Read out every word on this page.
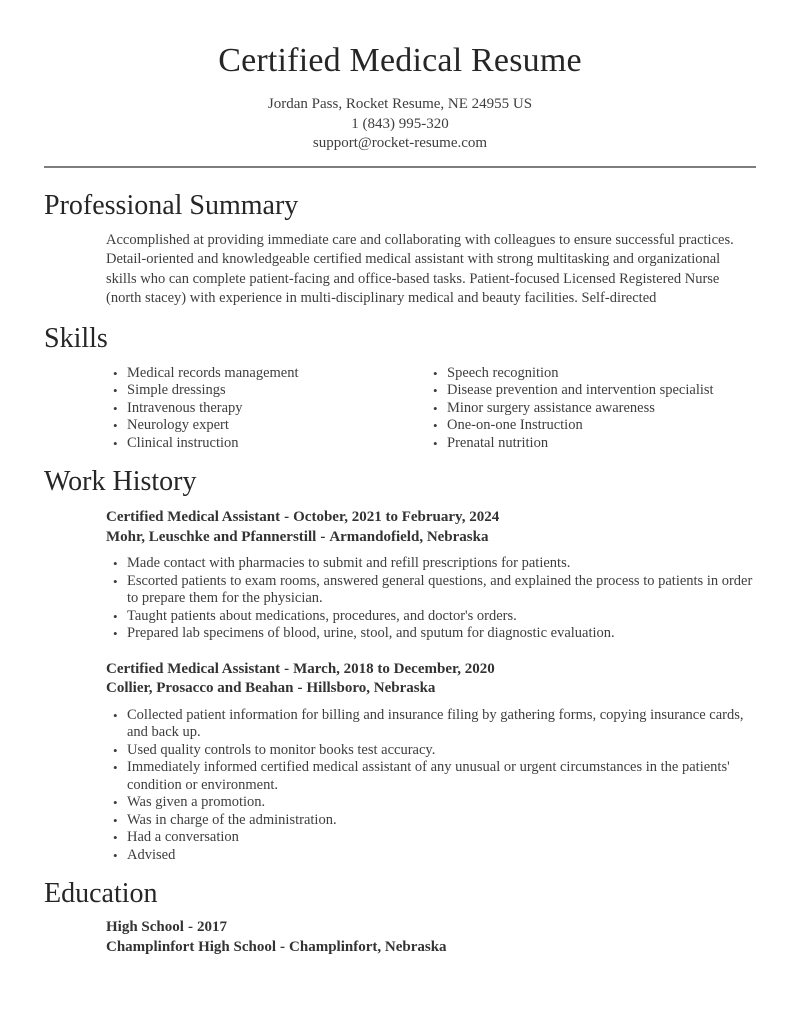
Certified Medical Resume
Jordan Pass, Rocket Resume, NE 24955 US
1 (843) 995-320
support@rocket-resume.com
Professional Summary

Accomplished at providing immediate care and collaborating with colleagues to ensure successful practices. Detail-oriented and knowledgeable certified medical assistant with strong multitasking and organizational skills who can complete patient-facing and office-based tasks. Patient-focused Licensed Registered Nurse (north stacey) with experience in multi-disciplinary medical and beauty facilities. Self-directed

Skills
• Medical records management
• Simple dressings
• Intravenous therapy
• Neurology expert
• Clinical instruction
• Speech recognition
• Disease prevention and intervention specialist
• Minor surgery assistance awareness
• One-on-one Instruction
• Prenatal nutrition
Work History
Certified Medical Assistant - October, 2021 to February, 2024
Mohr, Leuschke and Pfannerstill - Armandofield, Nebraska
• Made contact with pharmacies to submit and refill prescriptions for patients.
• Escorted patients to exam rooms, answered general questions, and explained the process to patients in order to prepare them for the physician.
• Taught patients about medications, procedures, and doctor's orders.
• Prepared lab specimens of blood, urine, stool, and sputum for diagnostic evaluation.
Certified Medical Assistant - March, 2018 to December, 2020
Collier, Prosacco and Beahan - Hillsboro, Nebraska
• Collected patient information for billing and insurance filing by gathering forms, copying insurance cards, and back up.
• Used quality controls to monitor books test accuracy.
• Immediately informed certified medical assistant of any unusual or urgent circumstances in the patients' condition or environment.
• Was given a promotion.
• Was in charge of the administration.
• Had a conversation
• Advised
Education
High School - 2017
Champlinfort High School - Champlinfort, Nebraska
